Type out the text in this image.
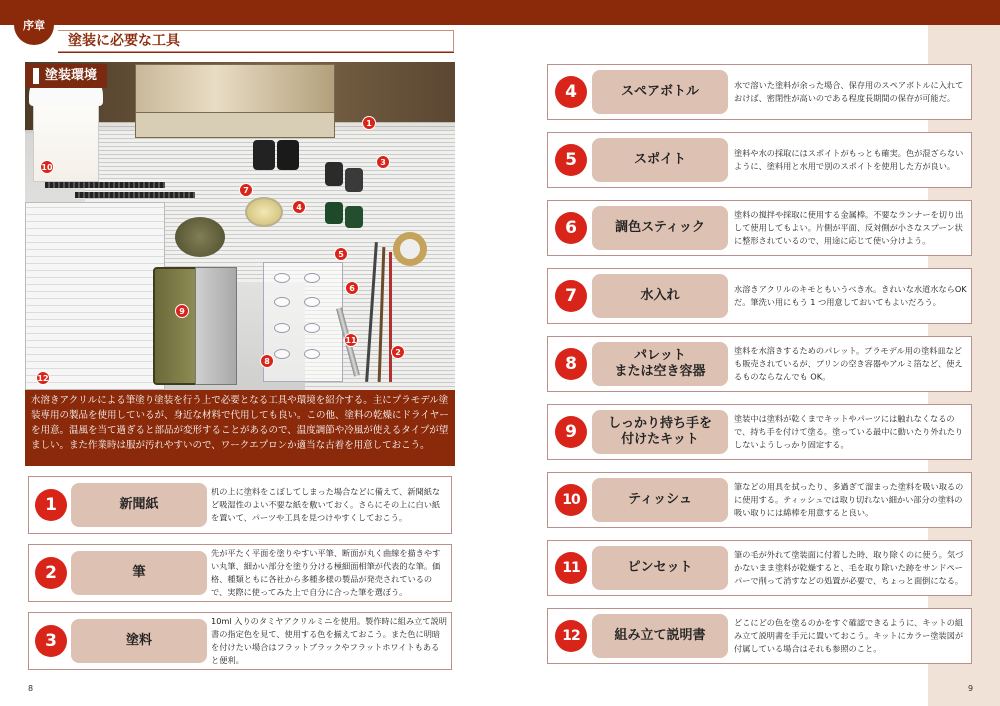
序章
塗装に必要な工具
塗装環境
1
2
3
4
5
6
7
8
9
10
11
12
水溶きアクリルによる筆塗り塗装を行う上で必要となる工具や環境を紹介する。主にプラモデル塗装専用の製品を使用しているが、身近な材料で代用しても良い。この他、塗料の乾燥にドライヤーを用意。温風を当て過ぎると部品が変形することがあるので、温度調節や冷風が使えるタイプが望ましい。また作業時は服が汚れやすいので、ワークエプロンか適当な古着を用意しておこう。
1	新聞紙
机の上に塗料をこぼしてしまった場合などに備えて、新聞紙など吸湿性のよい不要な紙を敷いておく。さらにその上に白い紙を置いて、パーツや工具を見つけやすくしておこう。
2	筆
先が平たく平面を塗りやすい平筆、断面が丸く曲線を描きやすい丸筆、細かい部分を塗り分ける極細面相筆が代表的な筆。価格、種類ともに各社から多種多様の製品が発売されているので、実際に使ってみた上で自分に合った筆を選ぼう。
3	塗料
10ml 入りのタミヤアクリルミニを使用。製作時に組み立て説明書の指定色を見て、使用する色を揃えておこう。また色に明暗を付けたい場合はフラットブラックやフラットホワイトもあると便利。
4	スペアボトル	水で溶いた塗料が余った場合、保存用のスペアボトルに入れておけば、密閉性が高いのである程度長期間の保存が可能だ。
5	スポイト	塗料や水の採取にはスポイトがもっとも確実。色が混ざらないように、塗料用と水用で別のスポイトを使用した方が良い。
6	調色スティック
塗料の撹拌や採取に使用する金属棒。不要なランナーを切り出して使用してもよい。片側が平面、反対側が小さなスプーン状に整形されているので、用途に応じて使い分けよう。
7	水入れ	水溶きアクリルのキモともいうべき水。きれいな水道水ならOK だ。筆洗い用にもう 1 つ用意しておいてもよいだろう。
8	パレット
または空き容器
塗料を水溶きするためのパレット。プラモデル用の塗料皿なども販売されているが、プリンの空き容器やアルミ箔など、使えるものならなんでも OK。
9	しっかり持ち手を
付けたキット
塗装中は塗料が乾くまでキットやパーツには触れなくなるので、持ち手を付けて塗る。塗っている最中に動いたり外れたりしないようしっかり固定する。
10	ティッシュ
筆などの用具を拭ったり、多過ぎて溜まった塗料を吸い取るのに使用する。ティッシュでは取り切れない細かい部分の塗料の吸い取りには綿棒を用意すると良い。
11	ピンセット
筆の毛が外れて塗装面に付着した時、取り除くのに使う。気づかないまま塗料が乾燥すると、毛を取り除いた跡をサンドペーパーで削って消すなどの処置が必要で、ちょっと面倒になる。
12	組み立て説明書
どこにどの色を塗るのかをすぐ確認できるように、キットの組み立て説明書を手元に置いておこう。キットにカラー塗装図が付属している場合はそれも参照のこと。
8	9
